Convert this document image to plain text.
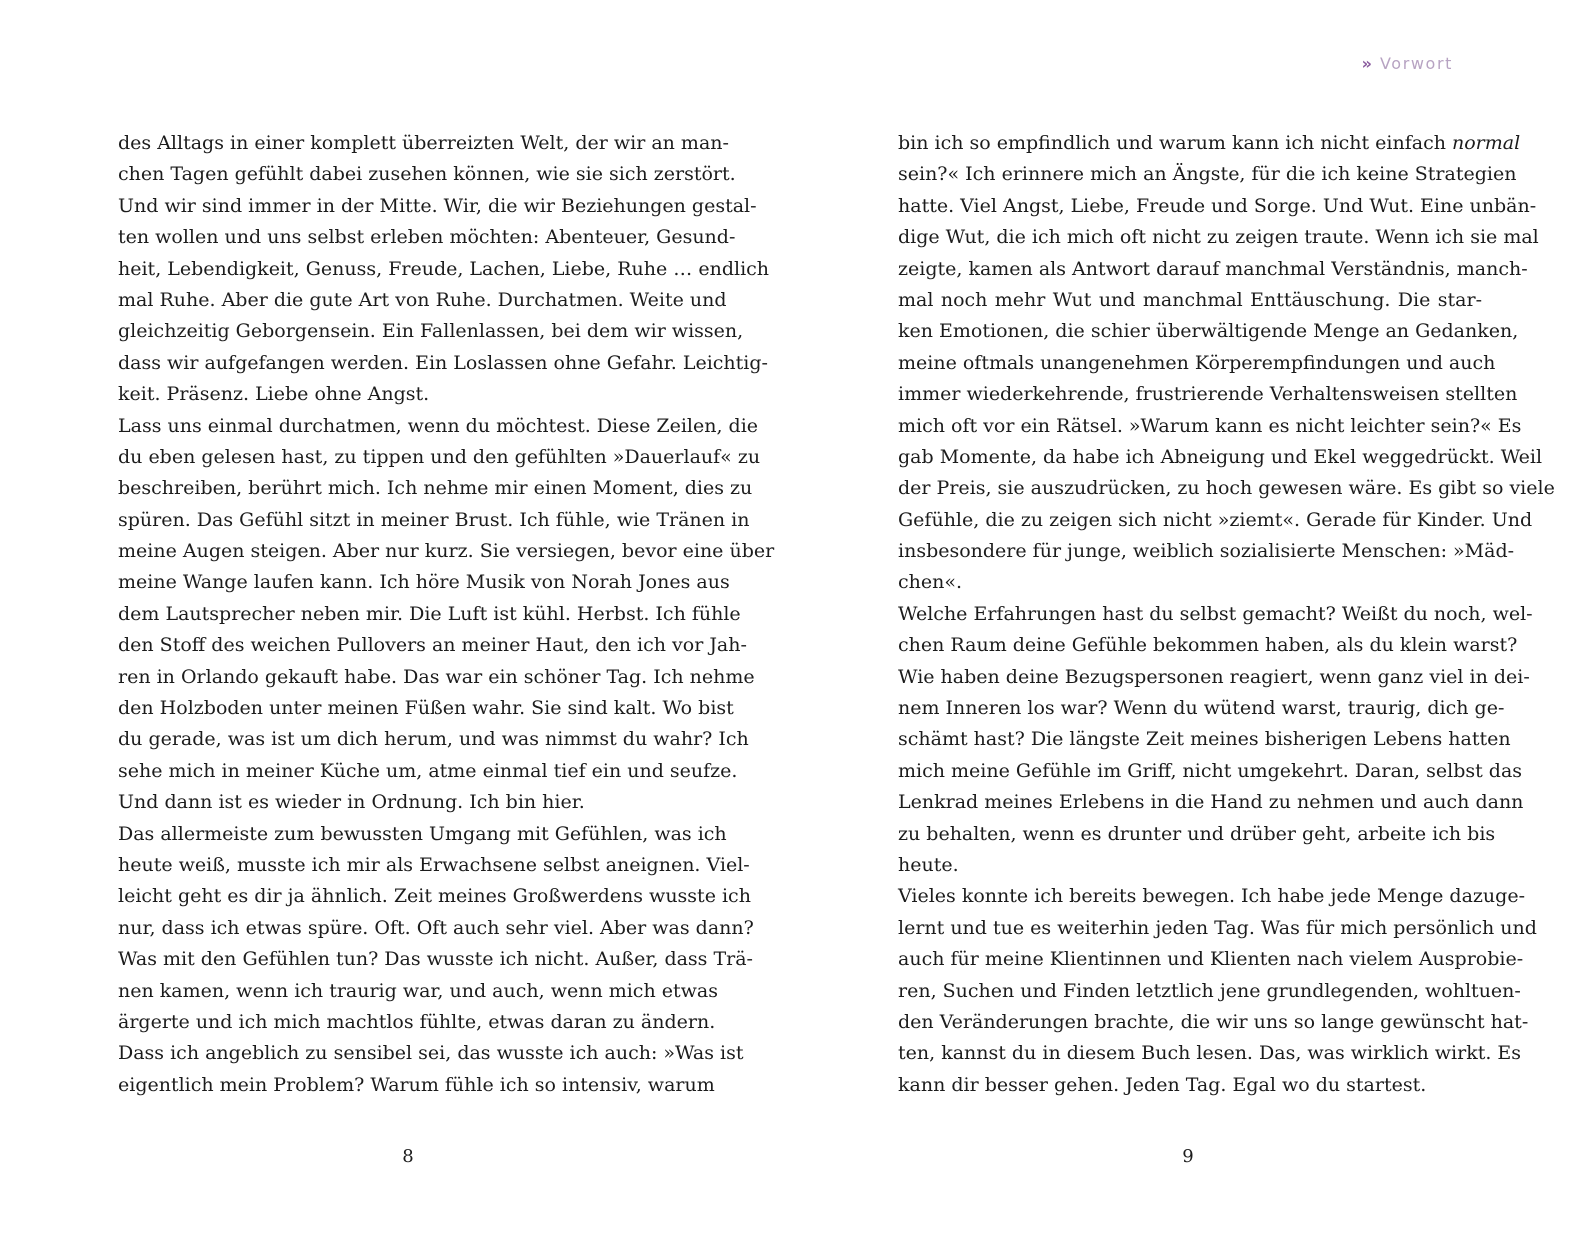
» Vorwort
des Alltags in einer komplett überreizten Welt, der wir an man-
chen Tagen gefühlt dabei zusehen können, wie sie sich zerstört.
Und wir sind immer in der Mitte. Wir, die wir Beziehungen gestal-
ten wollen und uns selbst erleben möchten: Abenteuer, Gesund-
heit, Lebendigkeit, Genuss, Freude, Lachen, Liebe, Ruhe … endlich
mal Ruhe. Aber die gute Art von Ruhe. Durchatmen. Weite und
gleichzeitig Geborgensein. Ein Fallenlassen, bei dem wir wissen,
dass wir aufgefangen werden. Ein Loslassen ohne Gefahr. Leichtig-
keit. Präsenz. Liebe ohne Angst.
Lass uns einmal durchatmen, wenn du möchtest. Diese Zeilen, die
du eben gelesen hast, zu tippen und den gefühlten »Dauerlauf« zu
beschreiben, berührt mich. Ich nehme mir einen Moment, dies zu
spüren. Das Gefühl sitzt in meiner Brust. Ich fühle, wie Tränen in
meine Augen steigen. Aber nur kurz. Sie versiegen, bevor eine über
meine Wange laufen kann. Ich höre Musik von Norah Jones aus
dem Lautsprecher neben mir. Die Luft ist kühl. Herbst. Ich fühle
den Stoff des weichen Pullovers an meiner Haut, den ich vor Jah-
ren in Orlando gekauft habe. Das war ein schöner Tag. Ich nehme
den Holzboden unter meinen Füßen wahr. Sie sind kalt. Wo bist
du gerade, was ist um dich herum, und was nimmst du wahr? Ich
sehe mich in meiner Küche um, atme einmal tief ein und seufze.
Und dann ist es wieder in Ordnung. Ich bin hier.
Das allermeiste zum bewussten Umgang mit Gefühlen, was ich
heute weiß, musste ich mir als Erwachsene selbst aneignen. Viel-
leicht geht es dir ja ähnlich. Zeit meines Großwerdens wusste ich
nur, dass ich etwas spüre. Oft. Oft auch sehr viel. Aber was dann?
Was mit den Gefühlen tun? Das wusste ich nicht. Außer, dass Trä-
nen kamen, wenn ich traurig war, und auch, wenn mich etwas
ärgerte und ich mich machtlos fühlte, etwas daran zu ändern.
Dass ich angeblich zu sensibel sei, das wusste ich auch: »Was ist
eigentlich mein Problem? Warum fühle ich so intensiv, warum
bin ich so empfindlich und warum kann ich nicht einfach normal
sein?« Ich erinnere mich an Ängste, für die ich keine Strategien
hatte. Viel Angst, Liebe, Freude und Sorge. Und Wut. Eine unbän-
dige Wut, die ich mich oft nicht zu zeigen traute. Wenn ich sie mal
zeigte, kamen als Antwort darauf manchmal Verständnis, manch-
mal noch mehr Wut und manchmal Enttäuschung. Die star-
ken Emotionen, die schier überwältigende Menge an Gedanken,
meine oftmals unangenehmen Körperempfindungen und auch
immer wiederkehrende, frustrierende Verhaltensweisen stellten
mich oft vor ein Rätsel. »Warum kann es nicht leichter sein?« Es
gab Momente, da habe ich Abneigung und Ekel weggedrückt. Weil
der Preis, sie auszudrücken, zu hoch gewesen wäre. Es gibt so viele
Gefühle, die zu zeigen sich nicht »ziemt«. Gerade für Kinder. Und
insbesondere für junge, weiblich sozialisierte Menschen: »Mäd-
chen«.
Welche Erfahrungen hast du selbst gemacht? Weißt du noch, wel-
chen Raum deine Gefühle bekommen haben, als du klein warst?
Wie haben deine Bezugspersonen reagiert, wenn ganz viel in dei-
nem Inneren los war? Wenn du wütend warst, traurig, dich ge-
schämt hast? Die längste Zeit meines bisherigen Lebens hatten
mich meine Gefühle im Griff, nicht umgekehrt. Daran, selbst das
Lenkrad meines Erlebens in die Hand zu nehmen und auch dann
zu behalten, wenn es drunter und drüber geht, arbeite ich bis
heute.
Vieles konnte ich bereits bewegen. Ich habe jede Menge dazuge-
lernt und tue es weiterhin jeden Tag. Was für mich persönlich und
auch für meine Klientinnen und Klienten nach vielem Ausprobie-
ren, Suchen und Finden letztlich jene grundlegenden, wohltuen-
den Veränderungen brachte, die wir uns so lange gewünscht hat-
ten, kannst du in diesem Buch lesen. Das, was wirklich wirkt. Es
kann dir besser gehen. Jeden Tag. Egal wo du startest.
8	9
